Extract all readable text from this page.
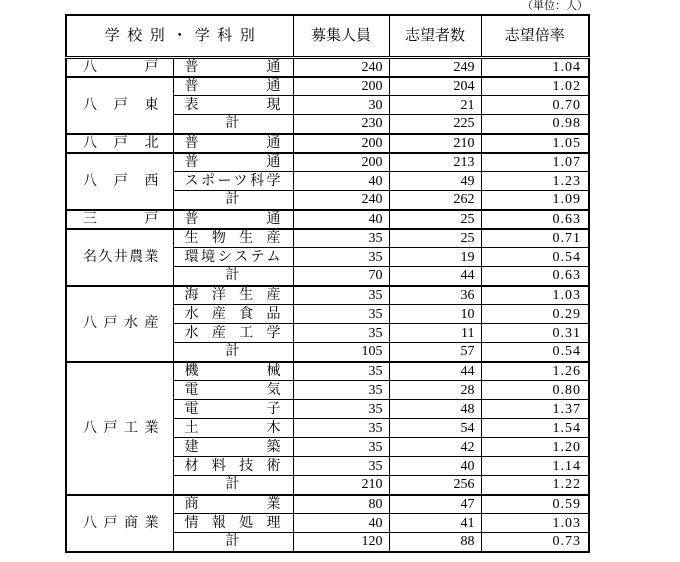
（単位：人）
学校別・学科別		募集人員	志望者数	志望倍率
八戸	普通	240	249	1.04
八戸東	普通	200	204	1.02
	表現	30	21	0.70
	計	230	225	0.98
八戸北	普通	200	210	1.05
八戸西	普通	200	213	1.07
	スポーツ科学	40	49	1.23
	計	240	262	1.09
三戸	普通	40	25	0.63
名久井農業	生物生産	35	25	0.71
	環境システム	35	19	0.54
	計	70	44	0.63
八戸水産	海洋生産	35	36	1.03
	水産食品	35	10	0.29
	水産工学	35	11	0.31
	計	105	57	0.54
八戸工業	機械	35	44	1.26
	電気	35	28	0.80
	電子	35	48	1.37
	土木	35	54	1.54
	建築	35	42	1.20
	材料技術	35	40	1.14
	計	210	256	1.22
八戸商業	商業	80	47	0.59
	情報処理	40	41	1.03
	計	120	88	0.73
